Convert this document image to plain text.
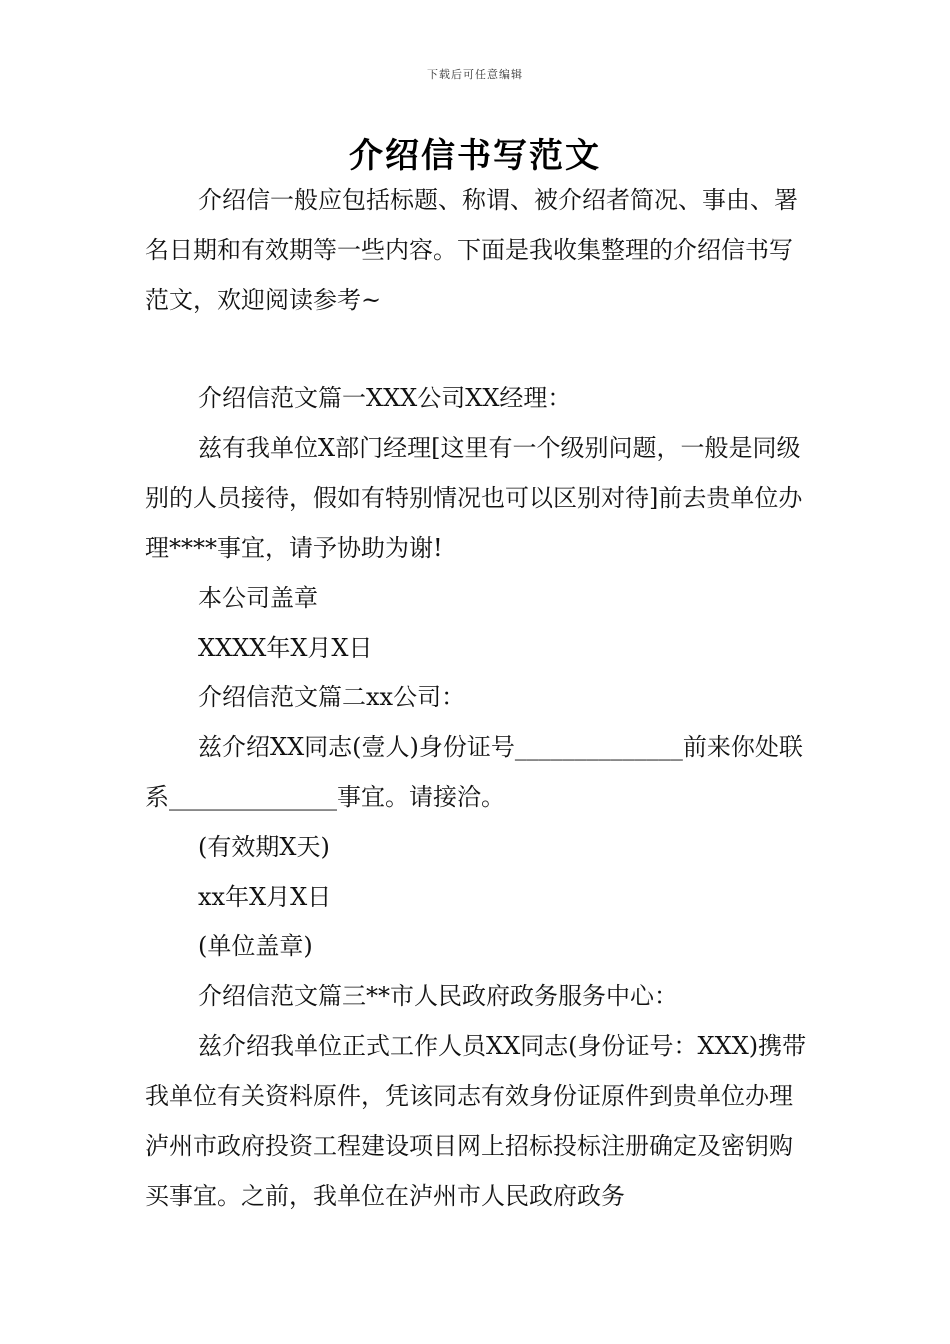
下载后可任意编辑
介绍信书写范文
介绍信一般应包括标题、称谓、被介绍者简况、事由、署名日期和有效期等一些内容。下面是我收集整理的介绍信书写范文，欢迎阅读参考~
介绍信范文篇一XXX公司XX经理：
兹有我单位X部门经理[这里有一个级别问题，一般是同级别的人员接待，假如有特别情况也可以区别对待]前去贵单位办理****事宜，请予协助为谢!
本公司盖章
XXXX年X月X日
介绍信范文篇二xx公司：
兹介绍XX同志(壹人)身份证号______________前来你处联系______________事宜。请接洽。
(有效期X天)
xx年X月X日
(单位盖章)
介绍信范文篇三**市人民政府政务服务中心：
兹介绍我单位正式工作人员XX同志(身份证号：XXX)携带我单位有关资料原件，凭该同志有效身份证原件到贵单位办理泸州市政府投资工程建设项目网上招标投标注册确定及密钥购买事宜。之前，我单位在泸州市人民政府政务
